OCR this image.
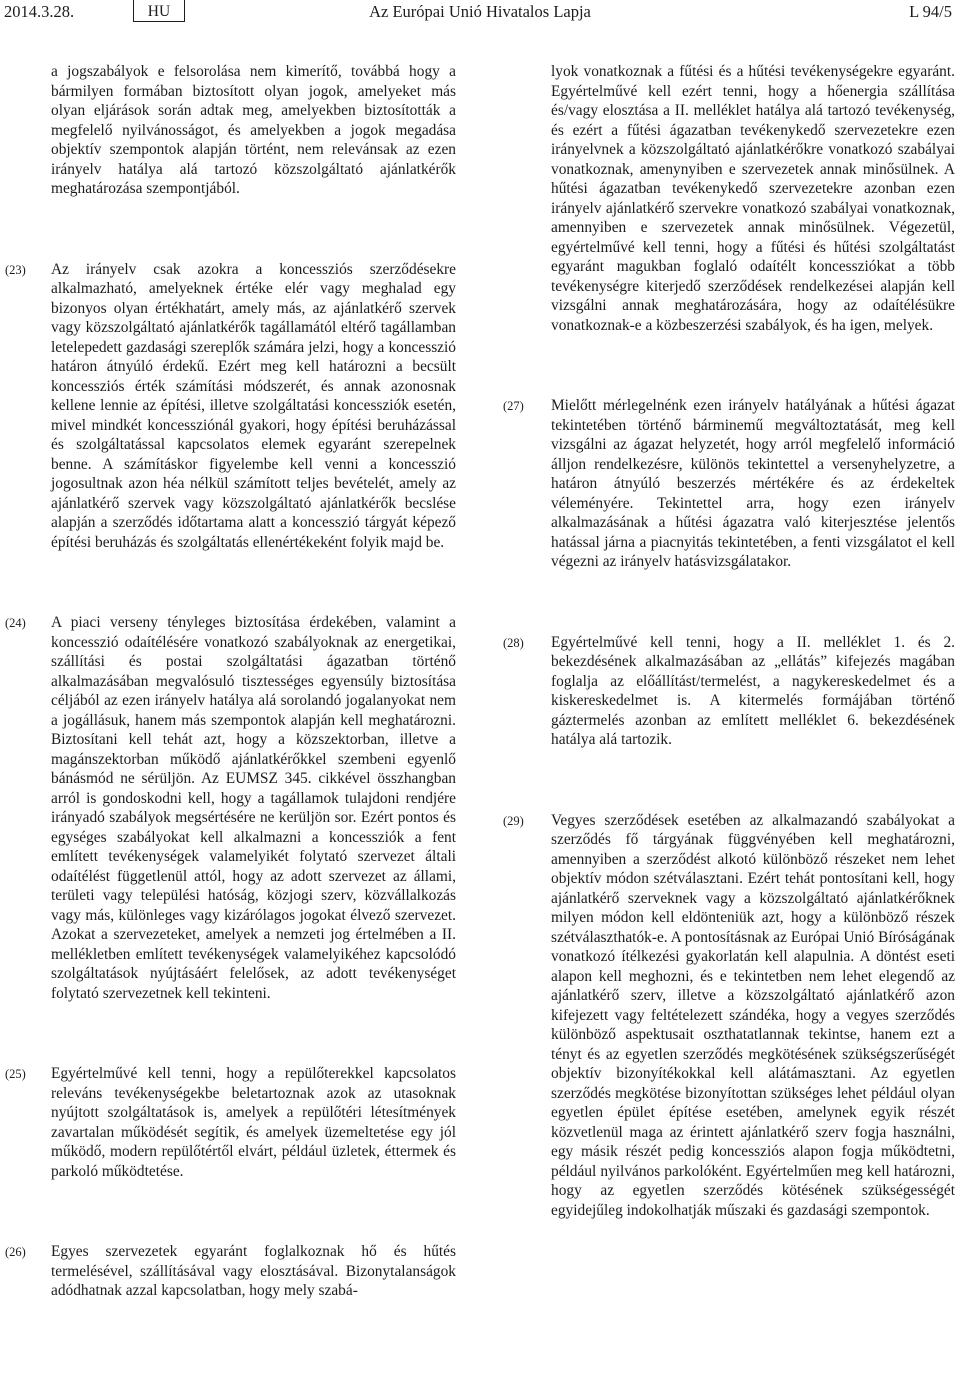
2014.3.28.	Az Európai Unió Hivatalos Lapja
HU	L 94/5

a jogszabályok e felsorolása nem kimerítő, továbbá hogy a bármilyen formában biztosított olyan jogok, amelyeket más olyan eljárások során adtak meg, amelyekben biztosították a megfelelő nyilvánosságot, és amelyekben a jogok megadása objektív szempontok alapján történt, nem relevánsak az ezen irányelv hatálya alá tartozó közszolgáltató ajánlatkérők meghatározása szempontjából.

(23)	Az irányelv csak azokra a koncessziós szerződésekre alkalmazható, amelyeknek értéke elér vagy meghalad egy bizonyos olyan értékhatárt, amely más, az ajánlatkérő szervek vagy közszolgáltató ajánlatkérők tagállamától eltérő tagállamban letelepedett gazdasági szereplők számára jelzi, hogy a koncesszió határon átnyúló érdekű. Ezért meg kell határozni a becsült koncessziós érték számítási módszerét, és annak azonosnak kellene lennie az építési, illetve szolgáltatási koncessziók esetén, mivel mindkét koncessziónál gyakori, hogy építési beruházással és szolgáltatással kapcsolatos elemek egyaránt szerepelnek benne. A számításkor figyelembe kell venni a koncesszió jogosultnak azon héa nélkül számított teljes bevételét, amely az ajánlatkérő szervek vagy közszolgáltató ajánlatkérők becslése alapján a szerződés időtartama alatt a koncesszió tárgyát képező építési beruházás és szolgáltatás ellenértékeként folyik majd be.

(24)	A piaci verseny tényleges biztosítása érdekében, valamint a koncesszió odaítélésére vonatkozó szabályoknak az energetikai, szállítási és postai szolgáltatási ágazatban történő alkalmazásában megvalósuló tisztességes egyensúly biztosítása céljából az ezen irányelv hatálya alá sorolandó jogalanyokat nem a jogállásuk, hanem más szempontok alapján kell meghatározni. Biztosítani kell tehát azt, hogy a közszektorban, illetve a magánszektorban működő ajánlatkérőkkel szembeni egyenlő bánásmód ne sérüljön. Az EUMSZ 345. cikkével összhangban arról is gondoskodni kell, hogy a tagállamok tulajdoni rendjére irányadó szabályok megsértésére ne kerüljön sor. Ezért pontos és egységes szabályokat kell alkalmazni a koncessziók a fent említett tevékenységek valamelyikét folytató szervezet általi odaítélést függetlenül attól, hogy az adott szervezet az állami, területi vagy települési hatóság, közjogi szerv, közvállalkozás vagy más, különleges vagy kizárólagos jogokat élvező szervezet. Azokat a szervezeteket, amelyek a nemzeti jog értelmében a II. mellékletben említett tevékenységek valamelyikéhez kapcsolódó szolgáltatások nyújtásáért felelősek, az adott tevékenységet folytató szervezetnek kell tekinteni.

(25)	Egyértelművé kell tenni, hogy a repülőterekkel kapcsolatos releváns tevékenységekbe beletartoznak azok az utasoknak nyújtott szolgáltatások is, amelyek a repülőtéri létesítmények zavartalan működését segítik, és amelyek üzemeltetése egy jól működő, modern repülőtértől elvárt, például üzletek, éttermek és parkoló működtetése.

(26)	Egyes szervezetek egyaránt foglalkoznak hő és hűtés termelésével, szállításával vagy elosztásával. Bizonytalanságok adódhatnak azzal kapcsolatban, hogy mely szabá-

lyok vonatkoznak a fűtési és a hűtési tevékenységekre egyaránt. Egyértelművé kell ezért tenni, hogy a hőenergia szállítása és/vagy elosztása a II. melléklet hatálya alá tartozó tevékenység, és ezért a fűtési ágazatban tevékenykedő szervezetekre ezen irányelvnek a közszolgáltató ajánlatkérőkre vonatkozó szabályai vonatkoznak, amenynyiben e szervezetek annak minősülnek. A hűtési ágazatban tevékenykedő szervezetekre azonban ezen irányelv ajánlatkérő szervekre vonatkozó szabályai vonatkoznak, amennyiben e szervezetek annak minősülnek. Végezetül, egyértelművé kell tenni, hogy a fűtési és hűtési szolgáltatást egyaránt magukban foglaló odaítélt koncessziókat a több tevékenységre kiterjedő szerződések rendelkezései alapján kell vizsgálni annak meghatározására, hogy az odaítélésükre vonatkoznak-e a közbeszerzési szabályok, és ha igen, melyek.

(27)	Mielőtt mérlegelnénk ezen irányelv hatályának a hűtési ágazat tekintetében történő bárminemű megváltoztatását, meg kell vizsgálni az ágazat helyzetét, hogy arról megfelelő információ álljon rendelkezésre, különös tekintettel a versenyhelyzetre, a határon átnyúló beszerzés mértékére és az érdekeltek véleményére. Tekintettel arra, hogy ezen irányelv alkalmazásának a hűtési ágazatra való kiterjesztése jelentős hatással járna a piacnyitás tekintetében, a fenti vizsgálatot el kell végezni az irányelv hatásvizsgálatakor.

(28)	Egyértelművé kell tenni, hogy a II. melléklet 1. és 2. bekezdésének alkalmazásában az „ellátás” kifejezés magában foglalja az előállítást/termelést, a nagykereskedelmet és a kiskereskedelmet is. A kitermelés formájában történő gáztermelés azonban az említett melléklet 6. bekezdésének hatálya alá tartozik.

(29)	Vegyes szerződések esetében az alkalmazandó szabályokat a szerződés fő tárgyának függvényében kell meghatározni, amennyiben a szerződést alkotó különböző részeket nem lehet objektív módon szétválasztani. Ezért tehát pontosítani kell, hogy ajánlatkérő szerveknek vagy a közszolgáltató ajánlatkérőknek milyen módon kell eldönteniük azt, hogy a különböző részek szétválaszthatók-e. A pontosításnak az Európai Unió Bíróságának vonatkozó ítélkezési gyakorlatán kell alapulnia. A döntést eseti alapon kell meghozni, és e tekintetben nem lehet elegendő az ajánlatkérő szerv, illetve a közszolgáltató ajánlatkérő azon kifejezett vagy feltételezett szándéka, hogy a vegyes szerződés különböző aspektusait oszthatatlannak tekintse, hanem ezt a tényt és az egyetlen szerződés megkötésének szükségszerűségét objektív bizonyítékokkal kell alátámasztani. Az egyetlen szerződés megkötése bizonyítottan szükséges lehet például olyan egyetlen épület építése esetében, amelynek egyik részét közvetlenül maga az érintett ajánlatkérő szerv fogja használni, egy másik részét pedig koncessziós alapon fogja működtetni, például nyilvános parkolóként. Egyértelműen meg kell határozni, hogy az egyetlen szerződés kötésének szükségességét egyidejűleg indokolhatják műszaki és gazdasági szempontok.
